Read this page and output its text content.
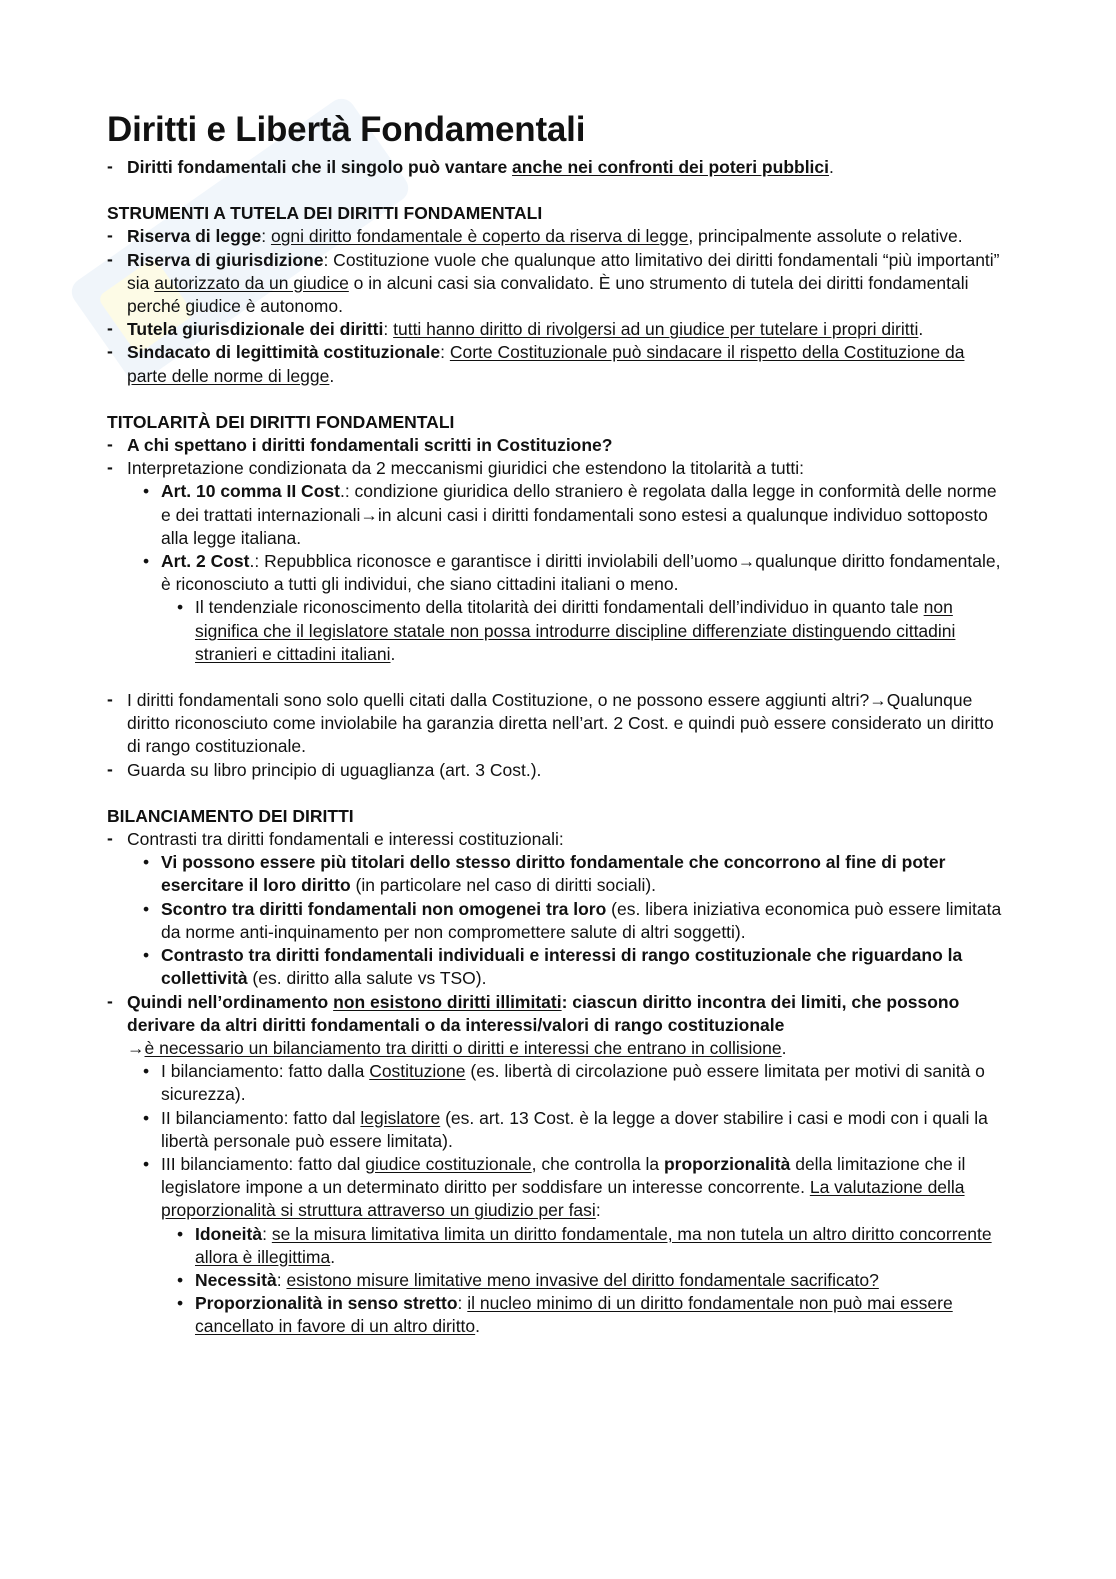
Diritti e Libertà Fondamentali
- Diritti fondamentali che il singolo può vantare anche nei confronti dei poteri pubblici.
STRUMENTI A TUTELA DEI DIRITTI FONDAMENTALI
- Riserva di legge: ogni diritto fondamentale è coperto da riserva di legge, principalmente assolute o relative.
- Riserva di giurisdizione: Costituzione vuole che qualunque atto limitativo dei diritti fondamentali “più importanti” sia autorizzato da un giudice o in alcuni casi sia convalidato. È uno strumento di tutela dei diritti fondamentali perché giudice è autonomo.
- Tutela giurisdizionale dei diritti: tutti hanno diritto di rivolgersi ad un giudice per tutelare i propri diritti.
- Sindacato di legittimità costituzionale: Corte Costituzionale può sindacare il rispetto della Costituzione da parte delle norme di legge.
TITOLARITÀ DEI DIRITTI FONDAMENTALI
- A chi spettano i diritti fondamentali scritti in Costituzione?
- Interpretazione condizionata da 2 meccanismi giuridici che estendono la titolarità a tutti:
• Art. 10 comma II Cost.: condizione giuridica dello straniero è regolata dalla legge in conformità delle norme e dei trattati internazionali→in alcuni casi i diritti fondamentali sono estesi a qualunque individuo sottoposto alla legge italiana.
• Art. 2 Cost.: Repubblica riconosce e garantisce i diritti inviolabili dell’uomo→qualunque diritto fondamentale, è riconosciuto a tutti gli individui, che siano cittadini italiani o meno.
• Il tendenziale riconoscimento della titolarità dei diritti fondamentali dell’individuo in quanto tale non significa che il legislatore statale non possa introdurre discipline differenziate distinguendo cittadini stranieri e cittadini italiani.
- I diritti fondamentali sono solo quelli citati dalla Costituzione, o ne possono essere aggiunti altri?→Qualunque diritto riconosciuto come inviolabile ha garanzia diretta nell’art. 2 Cost. e quindi può essere considerato un diritto di rango costituzionale.
- Guarda su libro principio di uguaglianza (art. 3 Cost.).
BILANCIAMENTO DEI DIRITTI
- Contrasti tra diritti fondamentali e interessi costituzionali:
• Vi possono essere più titolari dello stesso diritto fondamentale che concorrono al fine di poter esercitare il loro diritto (in particolare nel caso di diritti sociali).
• Scontro tra diritti fondamentali non omogenei tra loro (es. libera iniziativa economica può essere limitata da norme anti-inquinamento per non compromettere salute di altri soggetti).
• Contrasto tra diritti fondamentali individuali e interessi di rango costituzionale che riguardano la collettività (es. diritto alla salute vs TSO).
- Quindi nell’ordinamento non esistono diritti illimitati: ciascun diritto incontra dei limiti, che possono derivare da altri diritti fondamentali o da interessi/valori di rango costituzionale
→è necessario un bilanciamento tra diritti o diritti e interessi che entrano in collisione.
• I bilanciamento: fatto dalla Costituzione (es. libertà di circolazione può essere limitata per motivi di sanità o sicurezza).
• II bilanciamento: fatto dal legislatore (es. art. 13 Cost. è la legge a dover stabilire i casi e modi con i quali la libertà personale può essere limitata).
• III bilanciamento: fatto dal giudice costituzionale, che controlla la proporzionalità della limitazione che il legislatore impone a un determinato diritto per soddisfare un interesse concorrente. La valutazione della proporzionalità si struttura attraverso un giudizio per fasi:
• Idoneità: se la misura limitativa limita un diritto fondamentale, ma non tutela un altro diritto concorrente allora è illegittima.
• Necessità: esistono misure limitative meno invasive del diritto fondamentale sacrificato?
• Proporzionalità in senso stretto: il nucleo minimo di un diritto fondamentale non può mai essere cancellato in favore di un altro diritto.
